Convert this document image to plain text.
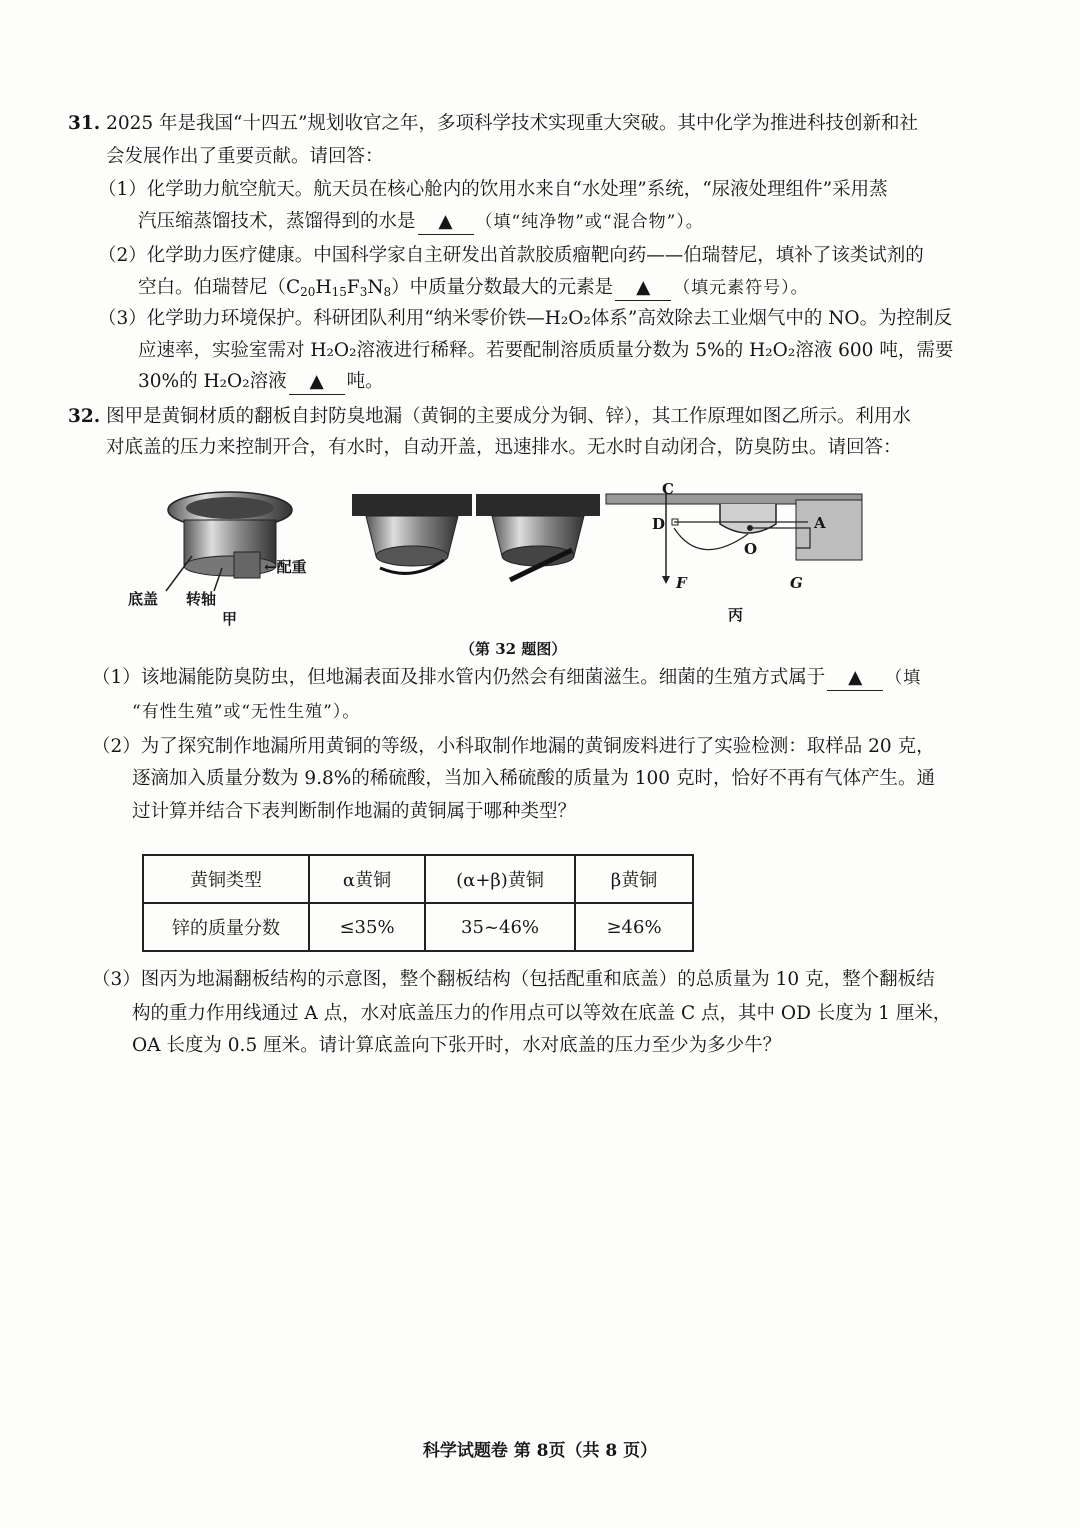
31. 2025 年是我国“十四五”规划收官之年，多项科学技术实现重大突破。其中化学为推进科技创新和社
会发展作出了重要贡献。请回答：
（1）化学助力航空航天。航天员在核心舱内的饮用水来自“水处理”系统，“尿液处理组件”采用蒸
汽压缩蒸馏技术，蒸馏得到的水是 ▲ （填“纯净物”或“混合物”）。
（2）化学助力医疗健康。中国科学家自主研发出首款胶质瘤靶向药——伯瑞替尼，填补了该类试剂的
空白。伯瑞替尼$(C_{20}H_{15}F_3N_8)$中质量分数最大的元素是 ▲ （填元素符号）。
（3）化学助力环境保护。科研团队利用“纳米零价铁—H₂O₂体系”高效除去工业烟气中的 NO。为控制反
应速率，实验室需对 H₂O₂溶液进行稀释。若要配制溶质质量分数为 5%的 H₂O₂溶液 600 吨，需要
30%的 H₂O₂溶液 ▲ 吨。
32. 图甲是黄铜材质的翻板自封防臭地漏（黄铜的主要成分为铜、锌），其工作原理如图乙所示。利用水
对底盖的压力来控制开合，有水时，自动开盖，迅速排水。无水时自动闭合，防臭防虫。请回答：
←配重
底盖 转轴
甲
C
D	A
O
F	G
丙
（第 32 题图）
（1）该地漏能防臭防虫，但地漏表面及排水管内仍然会有细菌滋生。细菌的生殖方式属于 ▲ （填
“有性生殖”或“无性生殖”）。
（2）为了探究制作地漏所用黄铜的等级，小科取制作地漏的黄铜废料进行了实验检测：取样品 20 克，
逐滴加入质量分数为 9.8%的稀硫酸，当加入稀硫酸的质量为 100 克时，恰好不再有气体产生。通
过计算并结合下表判断制作地漏的黄铜属于哪种类型？
黄铜类型	α黄铜	(α+β)黄铜	β黄铜
锌的质量分数	≤35%	35~46%	≥46%
（3）图丙为地漏翻板结构的示意图，整个翻板结构（包括配重和底盖）的总质量为 10 克，整个翻板结
构的重力作用线通过 A 点，水对底盖压力的作用点可以等效在底盖 C 点，其中 OD 长度为 1 厘米，
OA 长度为 0.5 厘米。请计算底盖向下张开时，水对底盖的压力至少为多少牛？
科学试题卷 第 8页（共 8 页）
